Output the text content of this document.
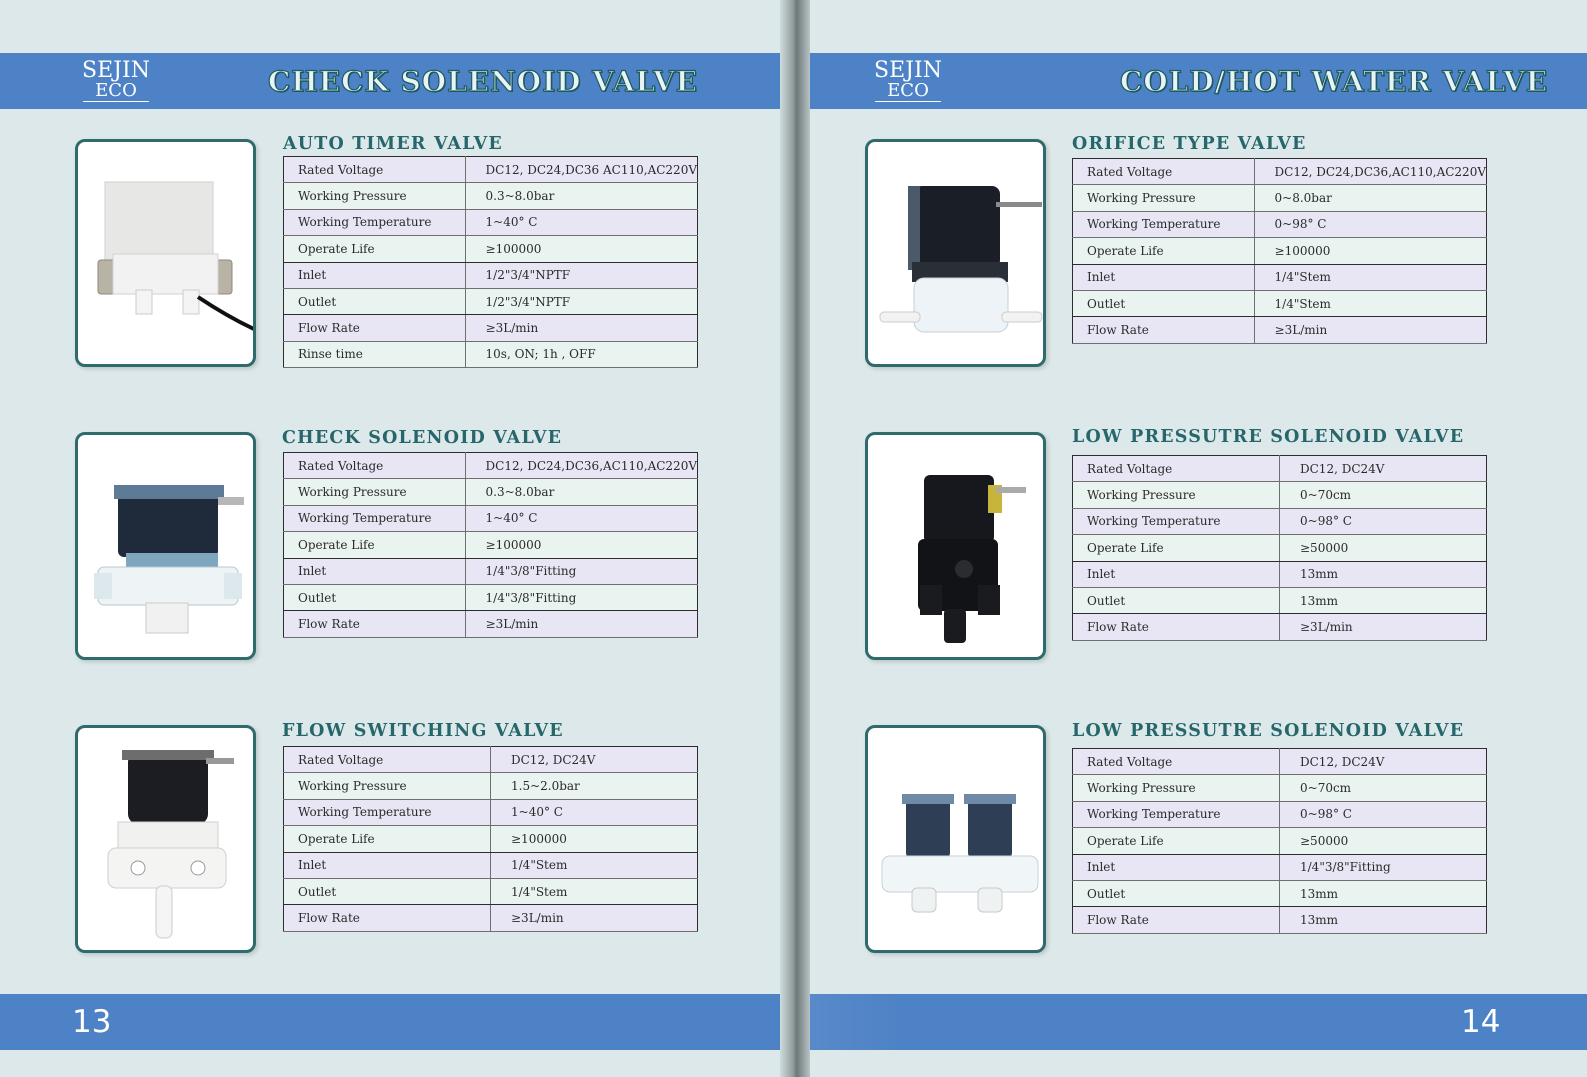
SEJIN
ECO	CHECK SOLENOID VALVE
AUTO TIMER VALVE
Rated Voltage	DC12, DC24,DC36 AC110,AC220V
Working Pressure	0.3~8.0bar
Working Temperature	1~40° C
Operate Life	≥100000
Inlet	1/2"3/4"NPTF
Outlet	1/2"3/4"NPTF
Flow Rate	≥3L/min
Rinse time	10s, ON; 1h , OFF
CHECK SOLENOID VALVE
Rated Voltage	DC12, DC24,DC36,AC110,AC220V
Working Pressure	0.3~8.0bar
Working Temperature	1~40° C
Operate Life	≥100000
Inlet	1/4"3/8"Fitting
Outlet	1/4"3/8"Fitting
Flow Rate	≥3L/min
FLOW SWITCHING VALVE
Rated Voltage	DC12, DC24V
Working Pressure	1.5~2.0bar
Working Temperature	1~40° C
Operate Life	≥100000
Inlet	1/4"Stem
Outlet	1/4"Stem
Flow Rate	≥3L/min
13
SEJIN
ECO	COLD/HOT WATER VALVE
ORIFICE TYPE VALVE
Rated Voltage	DC12, DC24,DC36,AC110,AC220V
Working Pressure	0~8.0bar
Working Temperature	0~98° C
Operate Life	≥100000
Inlet	1/4"Stem
Outlet	1/4"Stem
Flow Rate	≥3L/min
LOW PRESSUTRE SOLENOID VALVE
Rated Voltage	DC12, DC24V
Working Pressure	0~70cm
Working Temperature	0~98° C
Operate Life	≥50000
Inlet	13mm
Outlet	13mm
Flow Rate	≥3L/min
LOW PRESSUTRE SOLENOID VALVE
Rated Voltage	DC12, DC24V
Working Pressure	0~70cm
Working Temperature	0~98° C
Operate Life	≥50000
Inlet	1/4"3/8"Fitting
Outlet	13mm
Flow Rate	13mm
14
